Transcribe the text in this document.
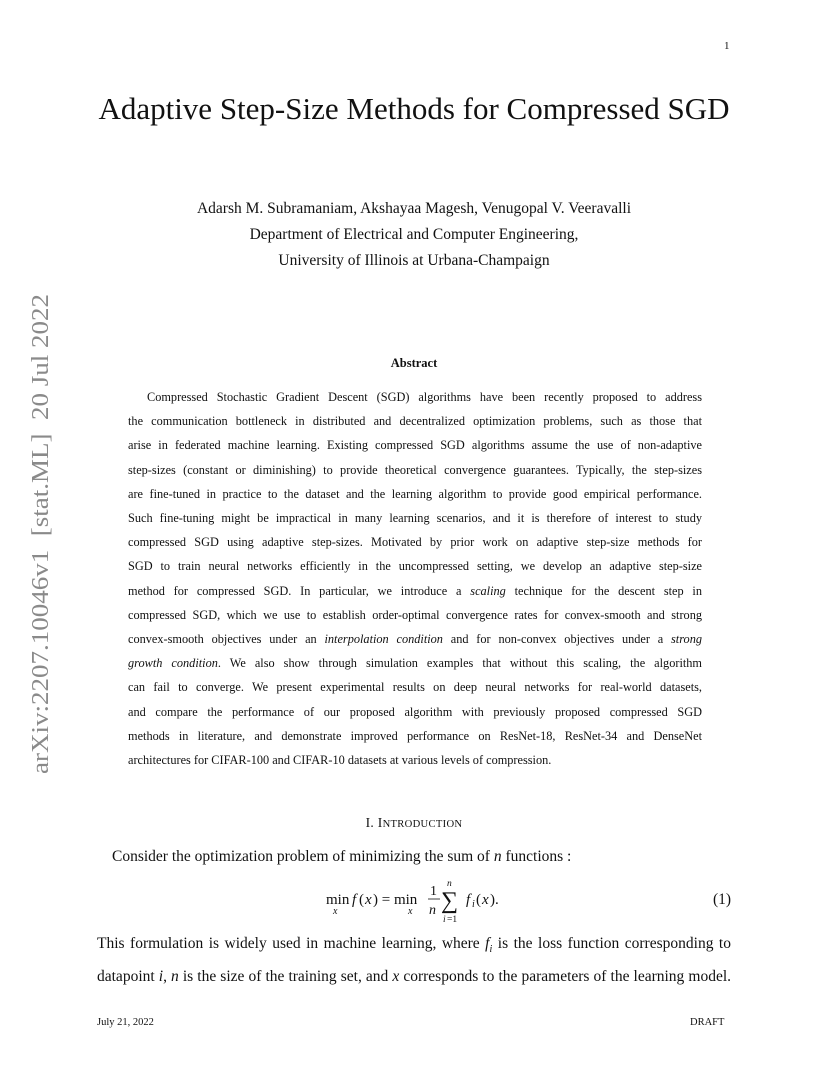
1
Adaptive Step-Size Methods for Compressed SGD
Adarsh M. Subramaniam, Akshayaa Magesh, Venugopal V. Veeravalli
Department of Electrical and Computer Engineering,
University of Illinois at Urbana-Champaign
arXiv:2207.10046v1  [stat.ML]  20 Jul 2022	Abstract
Compressed Stochastic Gradient Descent (SGD) algorithms have been recently proposed to address
the communication bottleneck in distributed and decentralized optimization problems, such as those that
arise in federated machine learning. Existing compressed SGD algorithms assume the use of non-adaptive
step-sizes (constant or diminishing) to provide theoretical convergence guarantees. Typically, the step-sizes
are fine-tuned in practice to the dataset and the learning algorithm to provide good empirical performance.
Such fine-tuning might be impractical in many learning scenarios, and it is therefore of interest to study
compressed SGD using adaptive step-sizes. Motivated by prior work on adaptive step-size methods for
SGD to train neural networks efficiently in the uncompressed setting, we develop an adaptive step-size
method for compressed SGD. In particular, we introduce a scaling technique for the descent step in
compressed SGD, which we use to establish order-optimal convergence rates for convex-smooth and strong
convex-smooth objectives under an interpolation condition and for non-convex objectives under a strong
growth condition. We also show through simulation examples that without this scaling, the algorithm
can fail to converge. We present experimental results on deep neural networks for real-world datasets,
and compare the performance of our proposed algorithm with previously proposed compressed SGD
methods in literature, and demonstrate improved performance on ResNet-18, ResNet-34 and DenseNet
architectures for CIFAR-100 and CIFAR-10 datasets at various levels of compression.
I. INTRODUCTION
Consider the optimization problem of minimizing the sum of n functions :
min
x
f ( x ) = min
x
1
n
n
∑
i =1
f i ( x ).	(1)
This formulation is widely used in machine learning, where $f_i$ is the loss function corresponding to
datapoint i, n is the size of the training set, and x corresponds to the parameters of the learning model.
July 21, 2022	DRAFT
